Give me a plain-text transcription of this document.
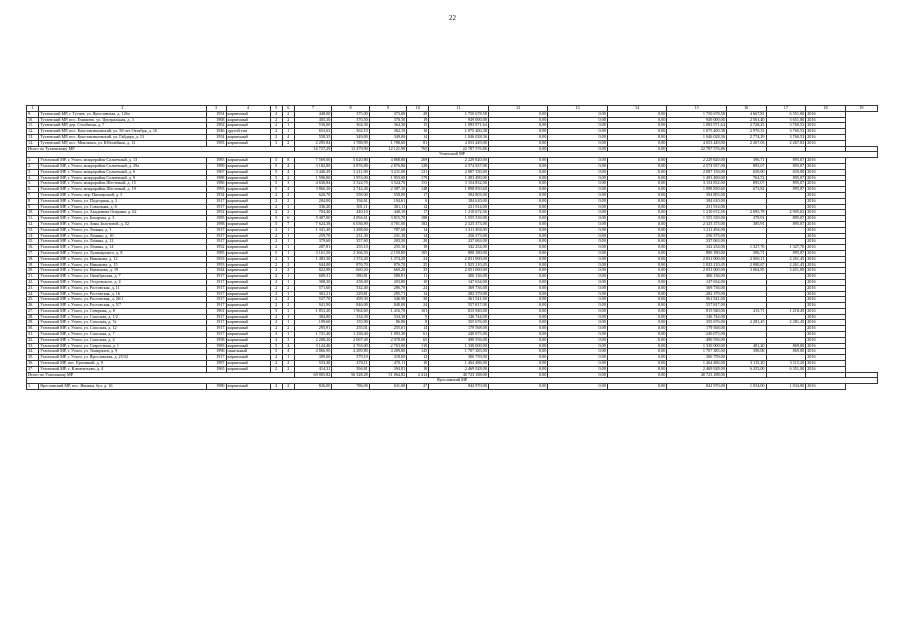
22
1	2	3	4	5	6	7	8	9	10	11	12	13	14	15	16	17	18	19
9.	Тутаевский МР, г. Тутаев, ул. Ярославская, д. 126а	1954	кирпичный	2	2	448,00	375,00	373,00	28	1 750 678,58	0,00	0,00	0,00	1 750 678,58	4 667,81	6 551,00	2016	
10.	Тутаевский МР, пос. Емишево, ул. Центральная, д. 3	1968	кирпичный	2	2	405,30	370,50	370,50	19	949 000,00	0,00	0,00	0,00	949 000,00	2 561,40	3 651,00	2016	
11.	Тутаевский МР, дер. Столбищи, д. 7	1962	кирпичный	2	1	536,00	364,30	364,30	15	1 083 971,64	0,00	0,00	0,00	1 083 971,64	2 728,25	3 760,53	2016	
12.	Тутаевский МР, пос. Константиновский, ул. 50-лет Октября, д. 16	1946	другой тип	2	1	653,63	362,10	362,10	16	1 075 400,38	0,00	0,00	0,00	1 075 400,38	2 970,31	3 760,53	2016	
13.	Тутаевский МР, пос. Константиновский, ул. Гайдара, д. 13	1954	кирпичный	2	4	558,35	349,00	349,00	14	1 046 028,36	0,00	0,00	0,00	1 046 028,36	2 774,29	3 760,53	2016	
14.	Тутаевский МР, пос. Микляиха, ул. Юбилейная, д. 12	1983	кирпичный	3	2	2 295,84	1 788,99	1 788,60	81	4 053 449,00	0,00	0,00	0,00	4 053 449,00	2 267,03	2 267,03	2016	
Итого по Тутаевскому МР						16 737,29	12 479,90	12 121,90	765	22 787 576,86	0,00	0,00	0,00	22 787 576,86				
Угличский МР																		
1.	Угличский МР, г. Углич, микрорайон Солнечный, д. 13	1985	кирпичный	5	8	7 569,00	5 620,80	4 868,80	269	2 229 820,00	0,00	0,00	0,00	2 229 820,00	396,71	895,07	2016	
2.	Угличский МР, г. Углич, микрорайон Солнечный, д. 29а	1989	кирпичный	5	4	3 182,80	2 876,80	2 876,80	128	2 574 937,00	0,00	0,00	0,00	2 574 937,00	895,07	895,07	2016	
3.	Угличский МР, г. Углич, микрорайон Солнечный, д. 6	1967	кирпичный	5	4	3 446,39	3 211,00	3 211,00	121	2 087 150,00	0,00	0,00	0,00	2 087 150,00	650,00	650,00	2016	
4.	Угличский МР, г. Углич, микрорайон Солнечный, д. 9	1988	кирпичный	5	2	1 596,00	1 953,00	1 953,00	179	1 493 490,00	0,00	0,00	0,00	1 493 490,00	764,72	895,07	2016	
5.	Угличский МР, г. Углич, микрорайон Шестовый, д. 15	1986	кирпичный	5	3	4 636,84	3 524,70	3 524,70	153	3 154 832,00	0,00	0,00	0,00	3 154 832,00	895,07	895,07	2016	
6.	Угличский МР, г. Углич, микрорайон Шестовый, д. 19	1993	кирпичный	5	4	3 866,30	2 742,40	2 387,10	148	1 898 850,60	0,00	0,00	0,00	1 898 850,60	673,82	895,07	2016	
7.	Угличский МР, г. Углич, пер. Пионерский, д. 5	1934	кирпичный	2	2	626,70	558,00	558,00	17	394 803,00	0,00	0,00	0,00	394 803,00			2016	
8.	Угличский МР, г. Углич, ул. Подгорная, д. 3	1917	кирпичный	2	2	204,00	194,61	194,61	6	184 610,00	0,00	0,00	0,00	184 610,00			2016	
9.	Угличский МР, г. Углич, ул. Совхозная, д. 6	1917	кирпичный	2	1	336,20	301,11	301,11	14	231 914,00	0,00	0,00	0,00	231 914,00			2016	
10.	Угличский МР, г. Углич, ул. Академика Опарина, д. 62	1952	кирпичный	2	2	704,40	440,10	440,10	17	1 210 672,56	0,00	0,00	0,00	1 210 672,56	2 695,78	2 905,63	2016	
11.	Угличский МР, г. Углич, ул. Бахарова, д. 3	1985	кирпичный	5	6	5 407,00	4 094,61	3 815,70	188	1 555 539,00	0,00	0,00	0,00	1 555 539,00	379,91	895,07	2016	
12.	Угличский МР, г. Углич, ул. Зоны Золотовой, д. 52	1988	кирпичный	5	7	7 624,38	6 036,90	4 701,00	182	2 325 373,00	0,00	0,00	0,00	2 325 373,00	385,91	895,07	2016	
13.	Угличский МР, г. Углич, ул. Ленина, д. 1	1917	кирпичный	2	1	1 341,40	1 288,60	787,60	14	1 211 494,00	0,00	0,00	0,00	1 211 494,00			2016	
14.	Угличский МР, г. Углич, ул. Ленина, д. 10	1917	кирпичный	2	1	259,70	231,30	231,30	14	256 373,00	0,00	0,00	0,00	256 373,00			2016	
15.	Угличский МР, г. Углич, ул. Ленина, д. 12	1917	кирпичный	2	1	379,60	357,60	203,50	20	237 063,00	0,00	0,00	0,00	237 063,00			2016	
16.	Угличский МР, г. Углич, ул. Ленина, д. 14	1952	кирпичный	2	1	287,81	255,10	255,10	19	342 254,00	0,00	0,00	0,00	342 254,00	1 327,76	1 327,76	2016	
17.	Угличский МР, г. Углич, ул. Луначарского, д. 8	1985	кирпичный	5	1	3 161,50	2 366,50	2 150,80	105	890 180,00	0,00	0,00	0,00	890 180,00	396,71	895,07	2016	
18.	Угличский МР, г. Углич, ул. Никонова, д. 12	1953	кирпичный	2	3	1 483,30	1 374,20	1 374,20	24	2 831 000,00	0,00	0,00	0,00	2 831 000,00	2 060,11	2 261,45	2016	
19.	Угличский МР, г. Углич, ул. Никонова, д. 15	1953	кирпичный	2	2	944,00	876,70	876,70	25	1 825 210,45	0,00	0,00	0,00	1 825 210,45	2 080,67	2 261,45	2016	
20.	Угличский МР, г. Углич, ул. Нименова, д. 19	1944	кирпичный	2	2	822,88	669,20	669,20	35	2 051 000,00	0,00	0,00	0,00	2 051 000,00	3 064,85	3 651,00	2016	
21.	Угличский МР, г. Углич, ул. Октябрьская, д. 7	1917	кирпичный	2	1	609,31	580,81	580,81	11	406 136,00	0,00	0,00	0,00	406 136,00			2016	
22.	Угличский МР, г. Углич, ул. Островского, д. 4	1917	кирпичный	2	1	308,30	258,40	203,80	10	147 634,00	0,00	0,00	0,00	147 634,00			2016	
23.	Угличский МР, г. Углич, ул. Ростовская, д. 11	1917	кирпичный	2	2	571,60	532,40	286,70	24	369 736,00	0,00	0,00	0,00	369 736,00			2016	
24.	Угличский МР, г. Углич, ул. Ростовская, д. 16	1917	кирпичный	2	1	363,21	329,81	295,71	14	282 379,00	0,00	0,00	0,00	282 379,00			2016	
25.	Угличский МР, г. Углич, ул. Ростовская, д. 26/1	1917	кирпичный	2	2	537,70	499,30	346,90	30	361 541,00	0,00	0,00	0,00	361 541,00			2016	
26.	Угличский МР, г. Углич, ул. Ростовская, д. 5/7	1917	кирпичный	2	2	941,90	846,00	840,00	24	557 817,00	0,00	0,00	0,00	557 817,00			2016	
27.	Угличский МР, г. Углич, ул. Северная, д. 8	1961	кирпичный	5	1	1 853,20	1 964,60	1 416,70	101	815 940,00	0,00	0,00	0,00	815 940,00	415,71	1 218,49	2016	
28.	Угличский МР, г. Углич, ул. Спасская, д. 1/2	1917	кирпичный	2	1	384,80	334,30	334,30	9	146 744,00	0,00	0,00	0,00	146 744,00			2016	
29.	Угличский МР, г. Углич, ул. Спасская, д. 7а	1917	кирпичный	2	1	199,60	155,90	86,80	8	355 676,00	0,00	0,00	0,00	355 676,00	2 281,45	2 281,45	2016	
30.	Угличский МР, г. Углич, ул. Спасская, д. 12	1917	кирпичный	2	2	295,91	255,01	255,01	14	179 568,00	0,00	0,00	0,00	179 568,00			2016	
31.	Угличский МР, г. Углич, ул. Спасская, д. 7	1917	кирпичный	3	1	1 731,40	1 238,40	1 093,30	61	240 075,00	0,00	0,00	0,00	240 075,00			2016	
32.	Угличский МР, г. Углич, ул. Спасская, д. 4	1958	кирпичный	4	3	2 208,20	2 067,40	2 078,00	65	490 556,00	0,00	0,00	0,00	490 556,00			2016	
33.	Угличский МР, г. Углич, ул. Старостина, д. 1	1983	кирпичный	5	4	3 124,40	2 763,00	2 763,00	110	1 330 000,00	0,00	0,00	0,00	1 330 000,00	481,20	869,00	2016	
34.	Угличский МР, г. Углич, ул. Тимирязев, д. 9	1996	панельный	5	4	4 866,90	4 289,80	4 289,80	145	1 707 385,00	0,00	0,00	0,00	1 707 385,00	398,08	869,00	2016	
35.	Угличский МР, г. Углич, ул. Ярославская, д. 25/32	1917	кирпичный	2	1	389,00	379,10	318,00	12	306 759,00	0,00	0,00	0,00	306 759,00			2016	
36.	Угличский МР, пос. Ерохиный, д. 9	1987	кирпичный	2	2	533,40	470,11	470,11	10	1 464 486,00	0,00	0,00	0,00	1 464 486,00	3 115,20	3 115,20	2016	
37.	Угличский МР, с. Клементьево, д. 4	1965	кирпичный	2	2	414,31	394,81	394,81	10	2 469 928,00	0,00	0,00	0,00	2 469 928,00	6 255,00	6 351,00	2016	
Итого по Угличскому МР						69 905,82	56 328,28	51 064,82	2 414	40 723 188,00	0,00	0,00	0,00	40 723 188,00				
Ярославский МР																		
1.	Ярославский МР, пос. Ивняки, бул. д. 16	1980	кирпичный	2	2	826,00	786,00	631,00	27	842 970,00	0,00	0,00	0,00	842 970,00	1 034,00	1 034,00	2016	
